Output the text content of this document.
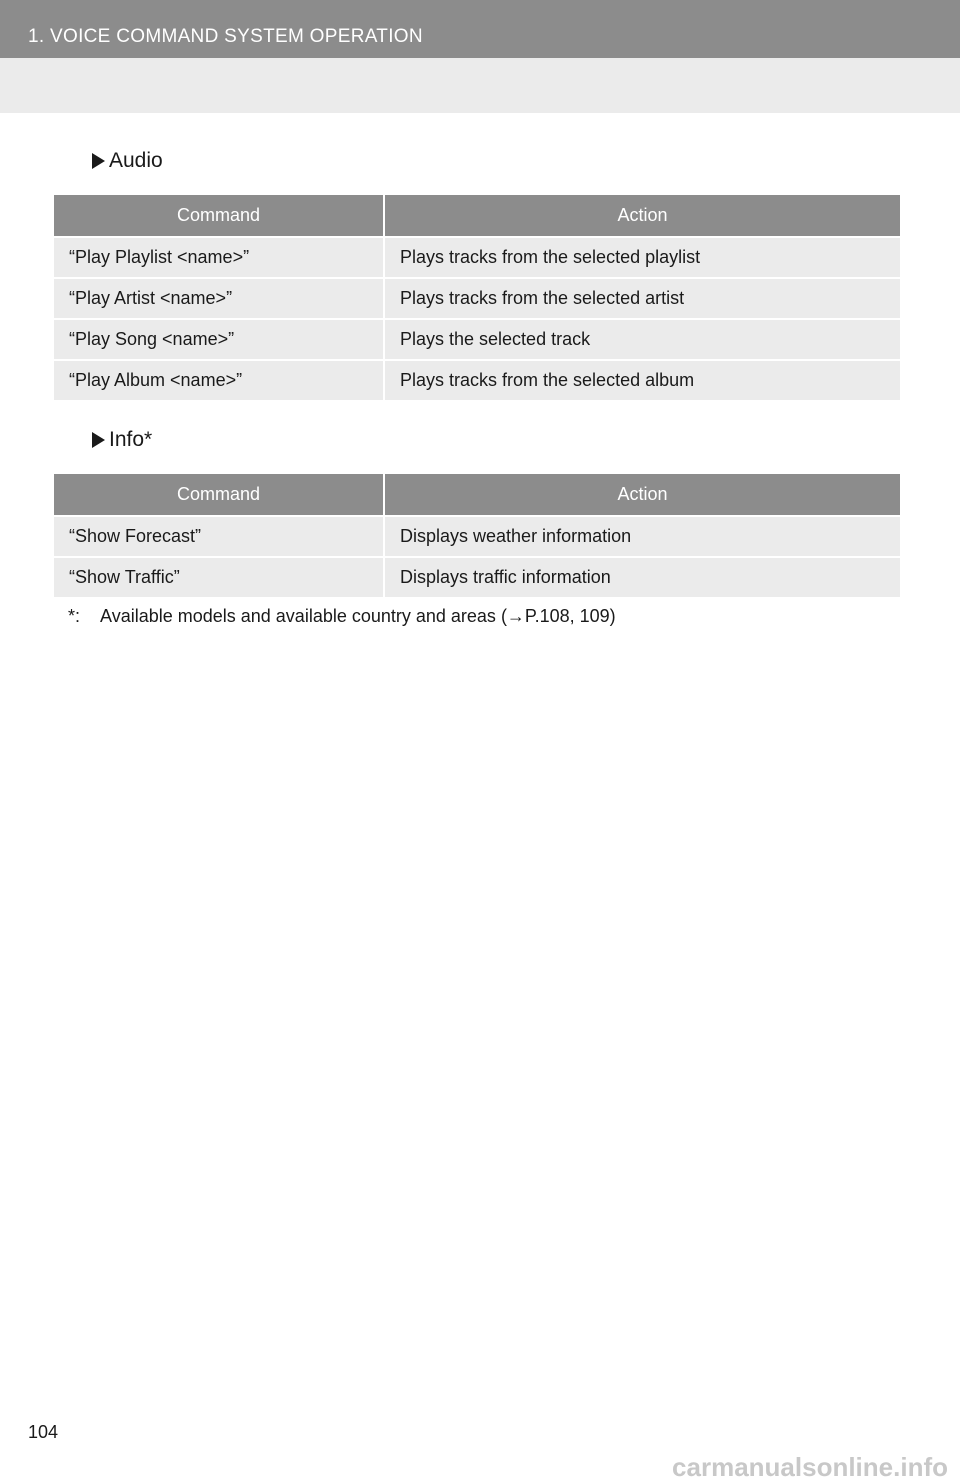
1. VOICE COMMAND SYSTEM OPERATION
Audio
Command	Action
“Play Playlist <name>”	Plays tracks from the selected playlist
“Play Artist <name>”	Plays tracks from the selected artist
“Play Song <name>”	Plays the selected track
“Play Album <name>”	Plays tracks from the selected album
Info*
Command	Action
“Show Forecast”	Displays weather information
“Show Traffic”	Displays traffic information
*: Available models and available country and areas (→P.108, 109)
104
carmanualsonline.info
